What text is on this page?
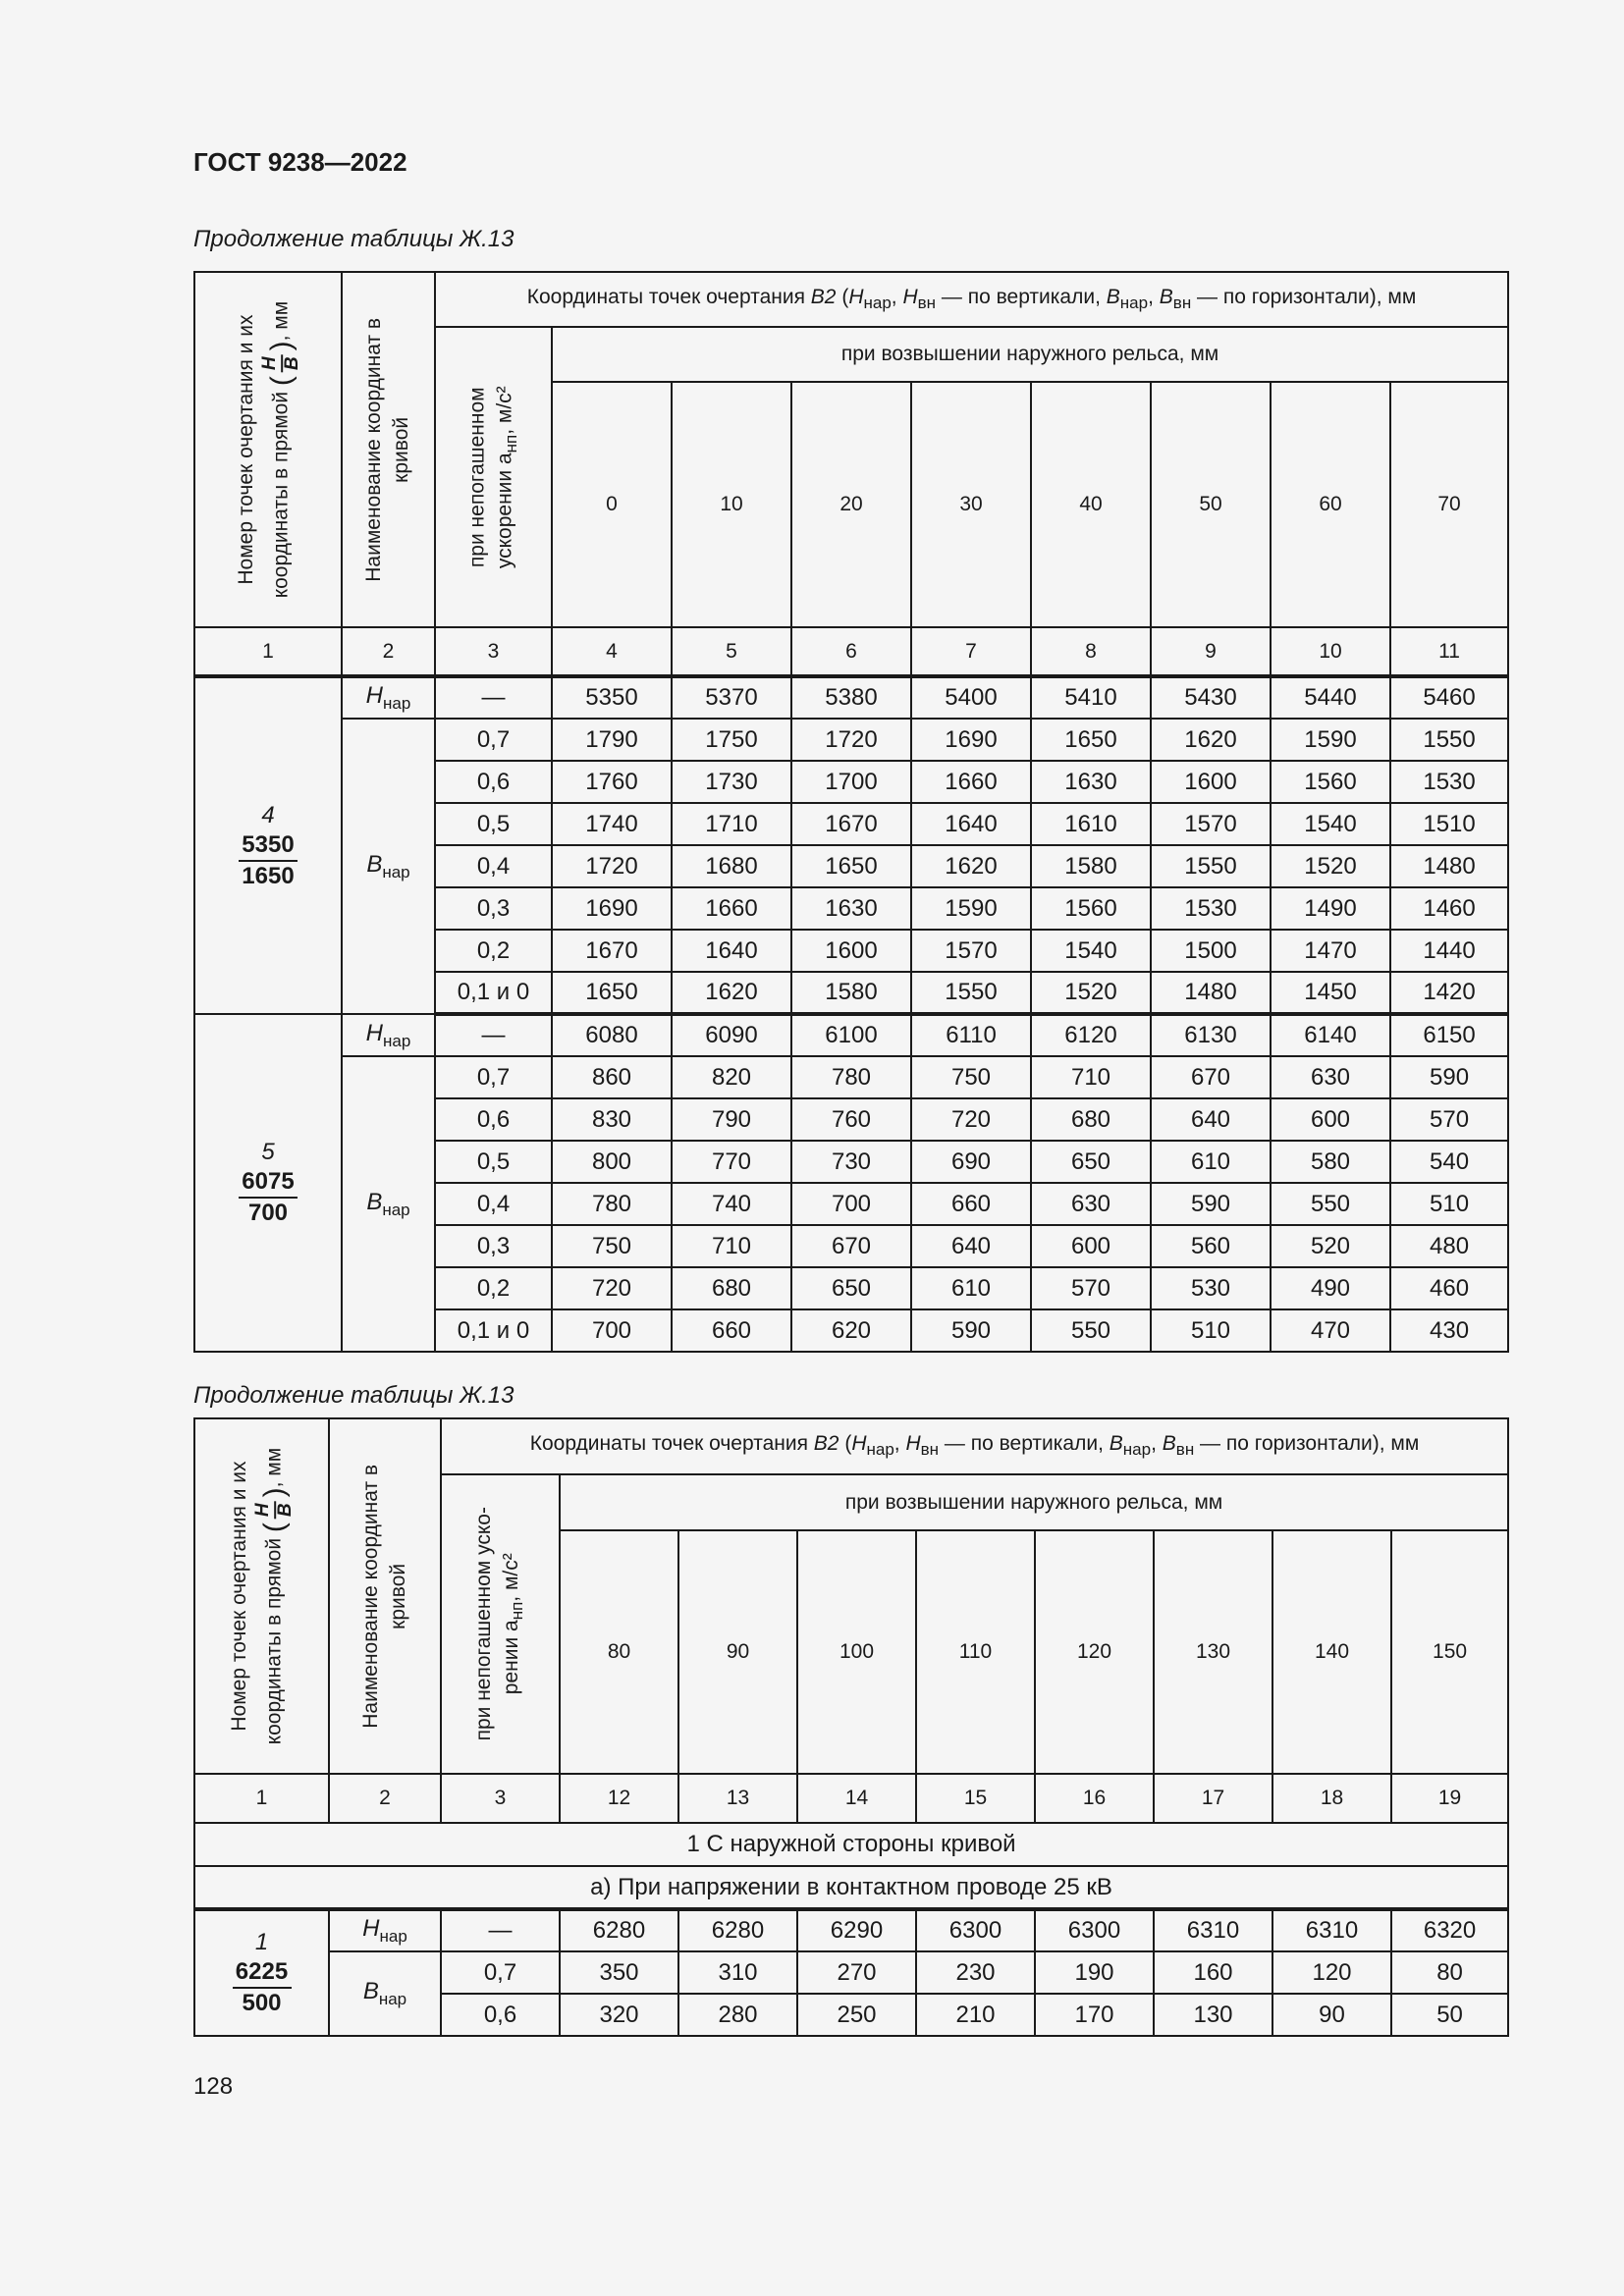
ГОСТ 9238—2022
Продолжение таблицы Ж.13
Номер точек очертания и их координаты в прямой (
H B
), мм	Наименование координат в кривой	Координаты точек очертания В2 ($Н_{нар}$, $Н_{вн}$ — по вертикали, $В_{нар}$, $В_{вн}$ — по горизонтали), мм								

		при непогашенном ускорении $a_{нп}$, м/с²	при возвышении наружного рельса, мм							
			0	10	20	30	40	50	60	70
1	2	3	4	5	6	7	8	9	10	11

4
5350
1650	$Н_{нар}$	—	5350	5370	5380	5400	5410	5430	5440	5460
	$В_{нар}$	0,7	1790	1750	1720	1690	1650	1620	1590	1550
		0,6	1760	1730	1700	1660	1630	1600	1560	1530
		0,5	1740	1710	1670	1640	1610	1570	1540	1510
		0,4	1720	1680	1650	1620	1580	1550	1520	1480
		0,3	1690	1660	1630	1590	1560	1530	1490	1460
		0,2	1670	1640	1600	1570	1540	1500	1470	1440
		0,1 и 0	1650	1620	1580	1550	1520	1480	1450	1420

5
6075
700	$Н_{нар}$	—	6080	6090	6100	6110	6120	6130	6140	6150
	$В_{нар}$	0,7	860	820	780	750	710	670	630	590
		0,6	830	790	760	720	680	640	600	570
		0,5	800	770	730	690	650	610	580	540
		0,4	780	740	700	660	630	590	550	510
		0,3	750	710	670	640	600	560	520	480
		0,2	720	680	650	610	570	530	490	460
		0,1 и 0	700	660	620	590	550	510	470	430
Продолжение таблицы Ж.13
Номер точек очертания и их координаты в прямой (
H B
), мм	Наименование координат в кривой	Координаты точек очертания В2 ($Н_{нар}$, $Н_{вн}$ — по вертикали, $В_{нар}$, $В_{вн}$ — по горизонтали), мм								

		при непогашенном уско- рении $a_{нп}$, м/с²	при возвышении наружного рельса, мм							
			80	90	100	110	120	130	140	150
1	2	3	12	13	14	15	16	17	18	19
1 С наружной стороны кривой										
а) При напряжении в контактном проводе 25 кВ										

1
6225
500	$Н_{нар}$	—	6280	6280	6290	6300	6300	6310	6310	6320
	$В_{нар}$	0,7	350	310	270	230	190	160	120	80
		0,6	320	280	250	210	170	130	90	50
128
